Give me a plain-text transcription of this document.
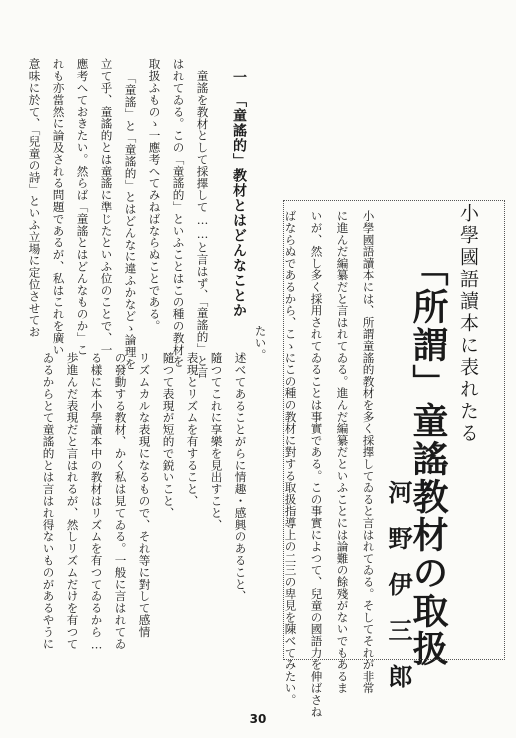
小學國語讀本に表れたる
「所謂」童謠教材の取扱
河野伊三郎
小學國語讀本には、所謂童謠的教材を多く採擇してゐると言はれてゐる。そしてそれが非常
に進んだ編纂だと言はれてゐる。進んだ編纂だといふことには論難の餘殘がないでもあるま
いが、然し多く採用されてゐることは事實である。この事實によつて、兒童の國語力を伸ばさね
ばならぬであるから、こゝにこの種の教材に對する取扱指導上の二三の卑見を陳べてみたい。
たい。
述べてあることがらに情趣・感興のあること、
隨つてこれに享樂を見出すこと、
表現とリズムを有すること、
隨つて表現が短的で鋭いこと、
リズムカルな表現になるもので、それ等に對して感情
の發動する教材、かく私は見てゐる。一般に言はれてゐ
る樣に本小學讀本中の教材はリズムを有つてゐるから…
歩進んだ表現だと言はれるが、然しリズムだけを有つて
ゐるからとて童謠的とは言はれ得ないものがあるやうに
一　「童謠的」教材とはどんなことか
童謠を教材として採擇して……と言はず、「童謠的」と言
はれてゐる。この「童謠的」といふことはこの種の教材を
取扱ふものゝ一應考へてみねばならぬことである。
「童謠」と「童謠的」とはどんなに違ふかなどゝ論理を
立て乎、童謠的とは童謠に準じたといふ位のことで、一
應考へておきたい。然らば「童謠とはどんなものか」こ
れも亦當然に論及される問題であるが、私はこれを廣い
意味に於て、「兒童の詩」といふ立場に定位させてお
30
